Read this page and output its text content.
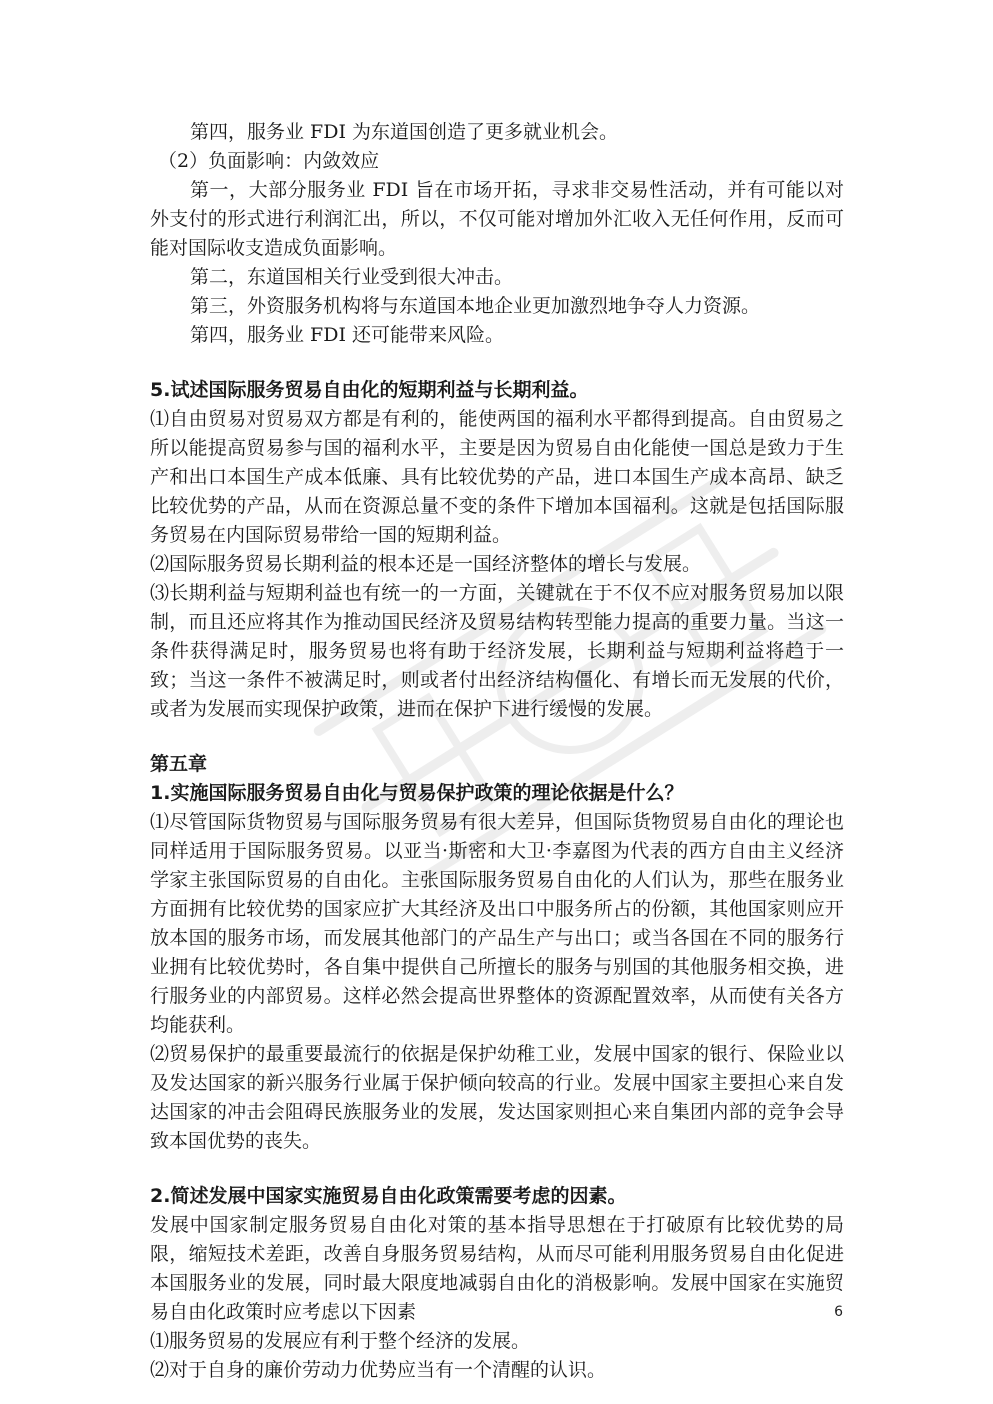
第四，服务业 FDI 为东道国创造了更多就业机会。

（2）负面影响：内敛效应

第一，大部分服务业 FDI 旨在市场开拓，寻求非交易性活动，并有可能以对外支付的形式进行利润汇出，所以，不仅可能对增加外汇收入无任何作用，反而可能对国际收支造成负面影响。

第二，东道国相关行业受到很大冲击。

第三，外资服务机构将与东道国本地企业更加激烈地争夺人力资源。

第四，服务业 FDI 还可能带来风险。

5.试述国际服务贸易自由化的短期利益与长期利益。

⑴自由贸易对贸易双方都是有利的，能使两国的福利水平都得到提高。自由贸易之所以能提高贸易参与国的福利水平，主要是因为贸易自由化能使一国总是致力于生产和出口本国生产成本低廉、具有比较优势的产品，进口本国生产成本高昂、缺乏比较优势的产品，从而在资源总量不变的条件下增加本国福利。这就是包括国际服务贸易在内国际贸易带给一国的短期利益。

⑵国际服务贸易长期利益的根本还是一国经济整体的增长与发展。

⑶长期利益与短期利益也有统一的一方面，关键就在于不仅不应对服务贸易加以限制，而且还应将其作为推动国民经济及贸易结构转型能力提高的重要力量。当这一条件获得满足时，服务贸易也将有助于经济发展，长期利益与短期利益将趋于一致；当这一条件不被满足时，则或者付出经济结构僵化、有增长而无发展的代价，或者为发展而实现保护政策，进而在保护下进行缓慢的发展。

第五章
1.实施国际服务贸易自由化与贸易保护政策的理论依据是什么？

⑴尽管国际货物贸易与国际服务贸易有很大差异，但国际货物贸易自由化的理论也同样适用于国际服务贸易。以亚当·斯密和大卫·李嘉图为代表的西方自由主义经济学家主张国际贸易的自由化。主张国际服务贸易自由化的人们认为，那些在服务业方面拥有比较优势的国家应扩大其经济及出口中服务所占的份额，其他国家则应开放本国的服务市场，而发展其他部门的产品生产与出口；或当各国在不同的服务行业拥有比较优势时，各自集中提供自己所擅长的服务与别国的其他服务相交换，进行服务业的内部贸易。这样必然会提高世界整体的资源配置效率，从而使有关各方均能获利。

⑵贸易保护的最重要最流行的依据是保护幼稚工业，发展中国家的银行、保险业以及发达国家的新兴服务行业属于保护倾向较高的行业。发展中国家主要担心来自发达国家的冲击会阻碍民族服务业的发展，发达国家则担心来自集团内部的竞争会导致本国优势的丧失。

2.简述发展中国家实施贸易自由化政策需要考虑的因素。

发展中国家制定服务贸易自由化对策的基本指导思想在于打破原有比较优势的局限，缩短技术差距，改善自身服务贸易结构，从而尽可能利用服务贸易自由化促进本国服务业的发展，同时最大限度地减弱自由化的消极影响。发展中国家在实施贸易自由化政策时应考虑以下因素

⑴服务贸易的发展应有利于整个经济的发展。

⑵对于自身的廉价劳动力优势应当有一个清醒的认识。

6
